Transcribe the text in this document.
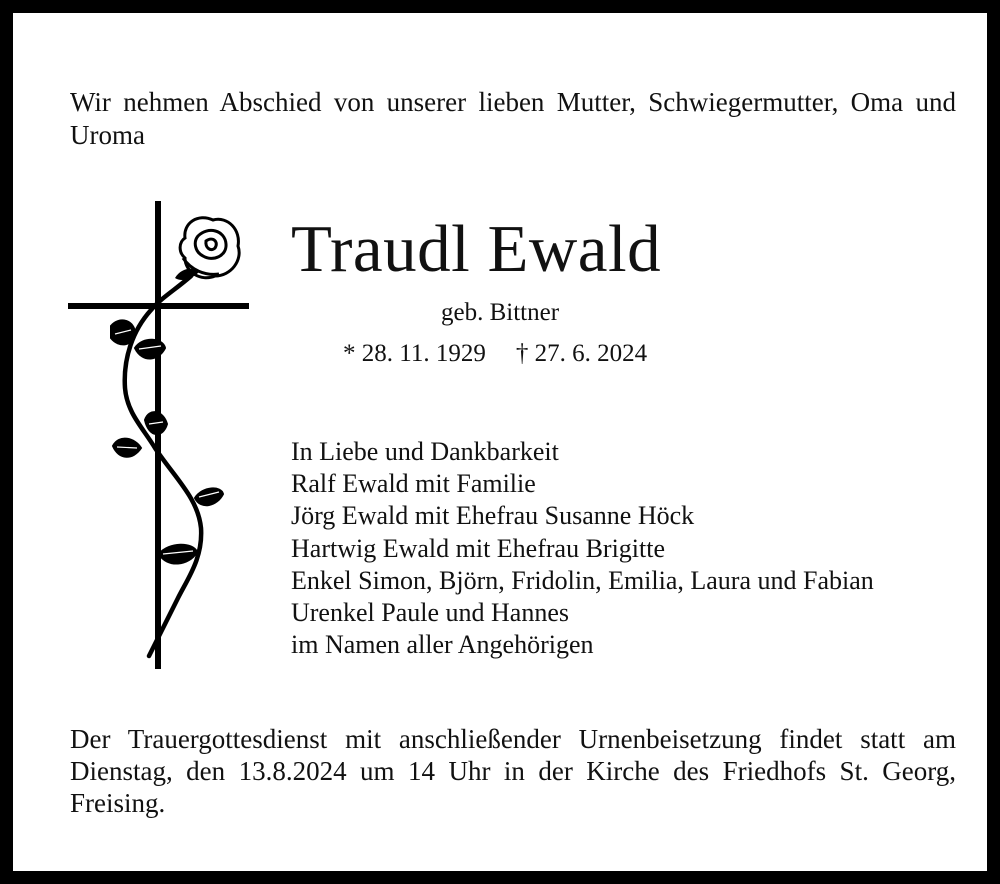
Wir nehmen Abschied von unserer lieben Mutter, Schwiegermutter, Oma und Uroma
Traudl Ewald
geb. Bittner
* 28. 11. 1929 † 27. 6. 2024
In Liebe und Dankbarkeit
Ralf Ewald mit Familie
Jörg Ewald mit Ehefrau Susanne Höck
Hartwig Ewald mit Ehefrau Brigitte
Enkel Simon, Björn, Fridolin, Emilia, Laura und Fabian
Urenkel Paule und Hannes
im Namen aller Angehörigen
Der Trauergottesdienst mit anschließender Urnenbeisetzung findet statt am Dienstag, den 13.8.2024 um 14 Uhr in der Kirche des Friedhofs St. Georg, Freising.
